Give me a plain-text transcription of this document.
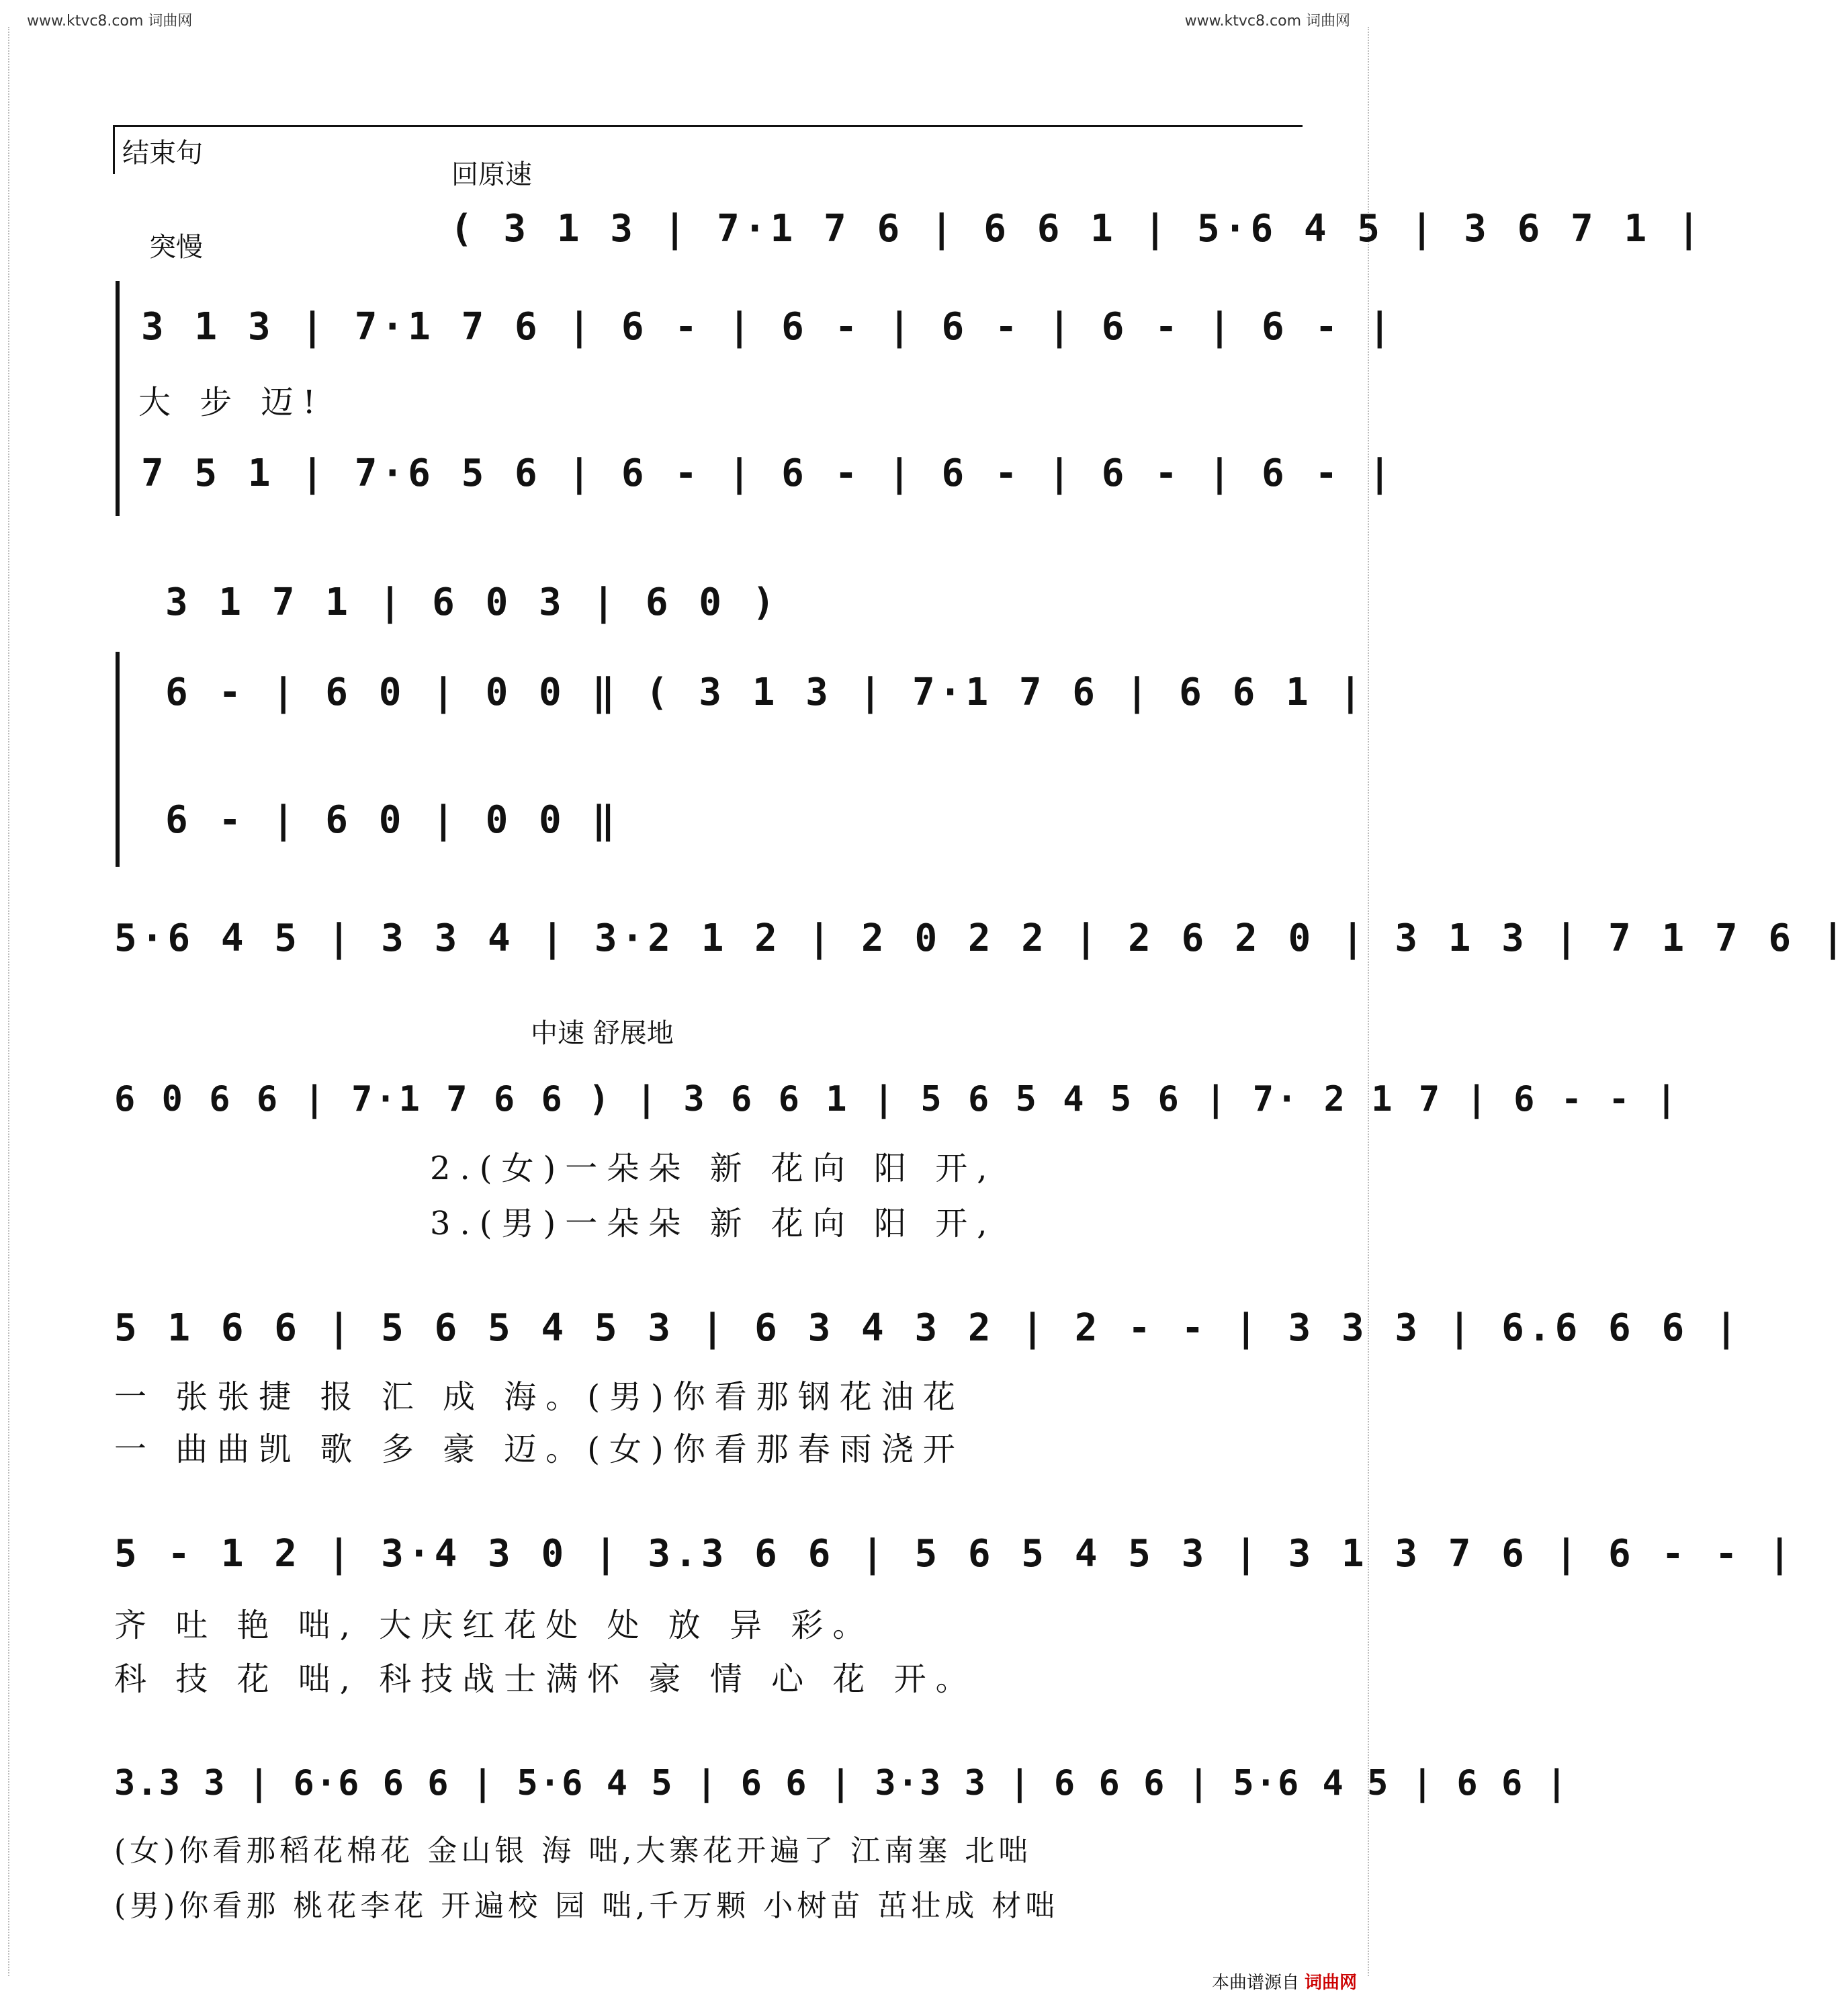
www.ktvc8.com 词曲网	www.ktvc8.com 词曲网
结束句
回原速
突慢	( 3 1 3 | 7·1 7 6 | 6 6 1 | 5·6 4 5 | 3 6 7 1 |
3 1 3 | 7·1 7 6 | 6 - | 6 - | 6 - | 6 - | 6 - |
大 步 迈!
7 5 1 | 7·6 5 6 | 6 - | 6 - | 6 - | 6 - | 6 - |
3 1 7 1 | 6 0 3 | 6 0 )
6 - | 6 0 | 0 0 ‖ ( 3 1 3 | 7·1 7 6 | 6 6 1 |
6 - | 6 0 | 0 0 ‖
5·6 4 5 | 3 3 4 | 3·2 1 2 | 2 0 2 2 | 2 6 2 0 | 3 1 3 | 7 1 7 6 |
中速 舒展地
6 0 6 6 | 7·1 7 6 6 ) | 3 6 6 1 | 5 6 5 4 5 6 | 7· 2 1 7 | 6 - - |
2.(女)一朵朵 新 花向 阳 开,
3.(男)一朵朵 新 花向 阳 开,
5 1 6 6 | 5 6 5 4 5 3 | 6 3 4 3 2 | 2 - - | 3 3 3 | 6.6 6 6 |
一 张张捷 报 汇 成 海。(男)你看那钢花油花
一 曲曲凯 歌 多 豪 迈。(女)你看那春雨浇开
5 - 1 2 | 3·4 3 0 | 3.3 6 6 | 5 6 5 4 5 3 | 3 1 3 7 6 | 6 - - |
齐 吐 艳 咄, 大庆红花处 处 放 异 彩。
科 技 花 咄, 科技战士满怀 豪 情 心 花 开。
3.3 3 | 6·6 6 6 | 5·6 4 5 | 6 6 | 3·3 3 | 6 6 6 | 5·6 4 5 | 6 6 |
(女)你看那稻花棉花 金山银 海 咄,大寨花开遍了 江南塞 北咄
(男)你看那 桃花李花 开遍校 园 咄,千万颗 小树苗 茁壮成 材咄
本曲谱源自 词曲网
